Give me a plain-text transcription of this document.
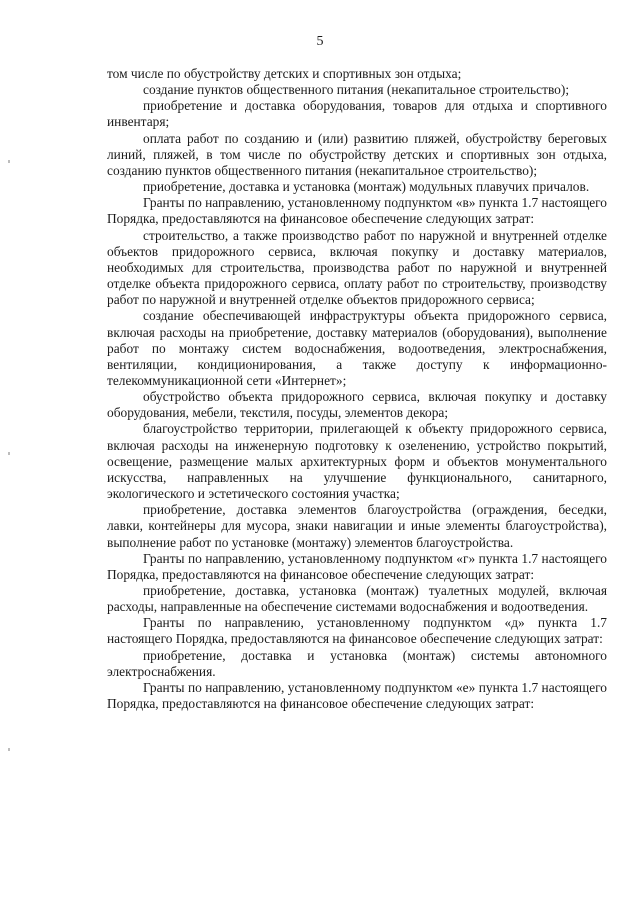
5

том числе по обустройству детских и спортивных зон отдыха;

создание пунктов общественного питания (некапитальное строительство);

приобретение и доставка оборудования, товаров для отдыха и спортивного инвентаря;

оплата работ по созданию и (или) развитию пляжей, обустройству береговых линий, пляжей, в том числе по обустройству детских и спортивных зон отдыха, созданию пунктов общественного питания (некапитальное строительство);

приобретение, доставка и установка (монтаж) модульных плавучих причалов.

Гранты по направлению, установленному подпунктом «в» пункта 1.7 настоящего Порядка, предоставляются на финансовое обеспечение следующих затрат:

строительство, а также производство работ по наружной и внутренней отделке объектов придорожного сервиса, включая покупку и доставку материалов, необходимых для строительства, производства работ по наружной и внутренней отделке объекта придорожного сервиса, оплату работ по строительству, производству работ по наружной и внутренней отделке объектов придорожного сервиса;

создание обеспечивающей инфраструктуры объекта придорожного сервиса, включая расходы на приобретение, доставку материалов (оборудования), выполнение работ по монтажу систем водоснабжения, водоотведения, электроснабжения, вентиляции, кондиционирования, а также доступу к информационно-телекоммуникационной сети «Интернет»;

обустройство объекта придорожного сервиса, включая покупку и доставку оборудования, мебели, текстиля, посуды, элементов декора;

благоустройство территории, прилегающей к объекту придорожного сервиса, включая расходы на инженерную подготовку к озеленению, устройство покрытий, освещение, размещение малых архитектурных форм и объектов монументального искусства, направленных на улучшение функционального, санитарного, экологического и эстетического состояния участка;

приобретение, доставка элементов благоустройства (ограждения, беседки, лавки, контейнеры для мусора, знаки навигации и иные элементы благоустройства), выполнение работ по установке (монтажу) элементов благоустройства.

Гранты по направлению, установленному подпунктом «г» пункта 1.7 настоящего Порядка, предоставляются на финансовое обеспечение следующих затрат:

приобретение, доставка, установка (монтаж) туалетных модулей, включая расходы, направленные на обеспечение системами водоснабжения и водоотведения.

Гранты по направлению, установленному подпунктом «д» пункта 1.7 настоящего Порядка, предоставляются на финансовое обеспечение следующих затрат:

приобретение, доставка и установка (монтаж) системы автономного электроснабжения.

Гранты по направлению, установленному подпунктом «е» пункта 1.7 настоящего Порядка, предоставляются на финансовое обеспечение следующих затрат:
